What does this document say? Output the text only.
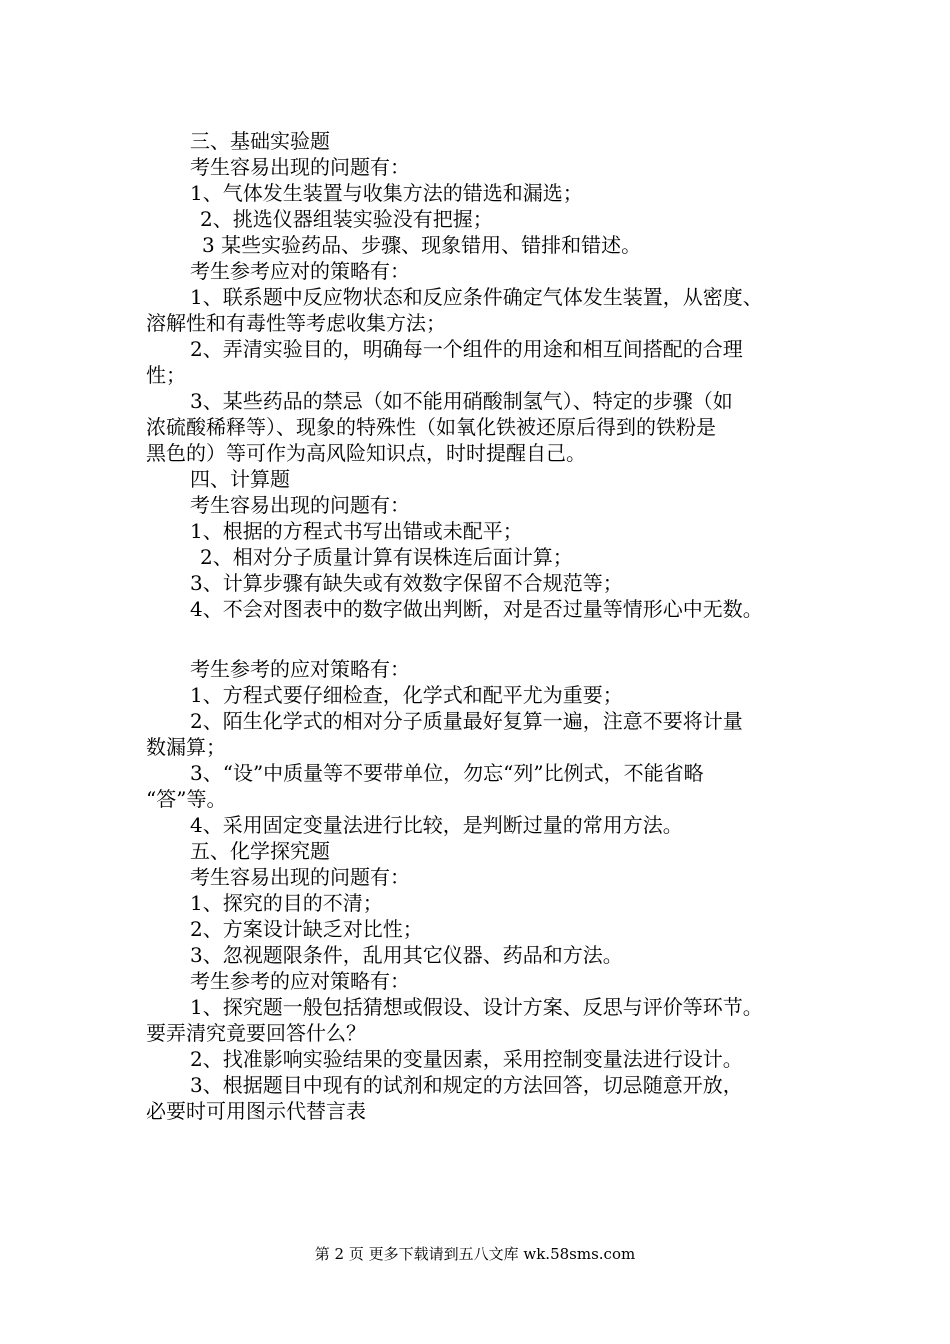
三、基础实验题
考生容易出现的问题有：
1、气体发生装置与收集方法的错选和漏选；
2、挑选仪器组装实验没有把握；
3 某些实验药品、步骤、现象错用、错排和错述。
考生参考应对的策略有：
1、联系题中反应物状态和反应条件确定气体发生装置，从密度、
溶解性和有毒性等考虑收集方法；
2、弄清实验目的，明确每一个组件的用途和相互间搭配的合理
性；
3、某些药品的禁忌（如不能用硝酸制氢气）、特定的步骤（如
浓硫酸稀释等）、现象的特殊性（如氧化铁被还原后得到的铁粉是
黑色的）等可作为高风险知识点，时时提醒自己。
四、计算题
考生容易出现的问题有：
1、根据的方程式书写出错或未配平；
2、相对分子质量计算有误株连后面计算；
3、计算步骤有缺失或有效数字保留不合规范等；
4、不会对图表中的数字做出判断，对是否过量等情形心中无数。
考生参考的应对策略有：
1、方程式要仔细检查，化学式和配平尤为重要；
2、陌生化学式的相对分子质量最好复算一遍，注意不要将计量
数漏算；
3、“设”中质量等不要带单位，勿忘“列”比例式，不能省略
“答”等。
4、采用固定变量法进行比较，是判断过量的常用方法。
五、化学探究题
考生容易出现的问题有：
1、探究的目的不清；
2、方案设计缺乏对比性；
3、忽视题限条件，乱用其它仪器、药品和方法。
考生参考的应对策略有：
1、探究题一般包括猜想或假设、设计方案、反思与评价等环节。
要弄清究竟要回答什么？
2、找准影响实验结果的变量因素，采用控制变量法进行设计。
3、根据题目中现有的试剂和规定的方法回答，切忌随意开放，
必要时可用图示代替言表
第 2 页 更多下载请到五八文库 wk.58sms.com
